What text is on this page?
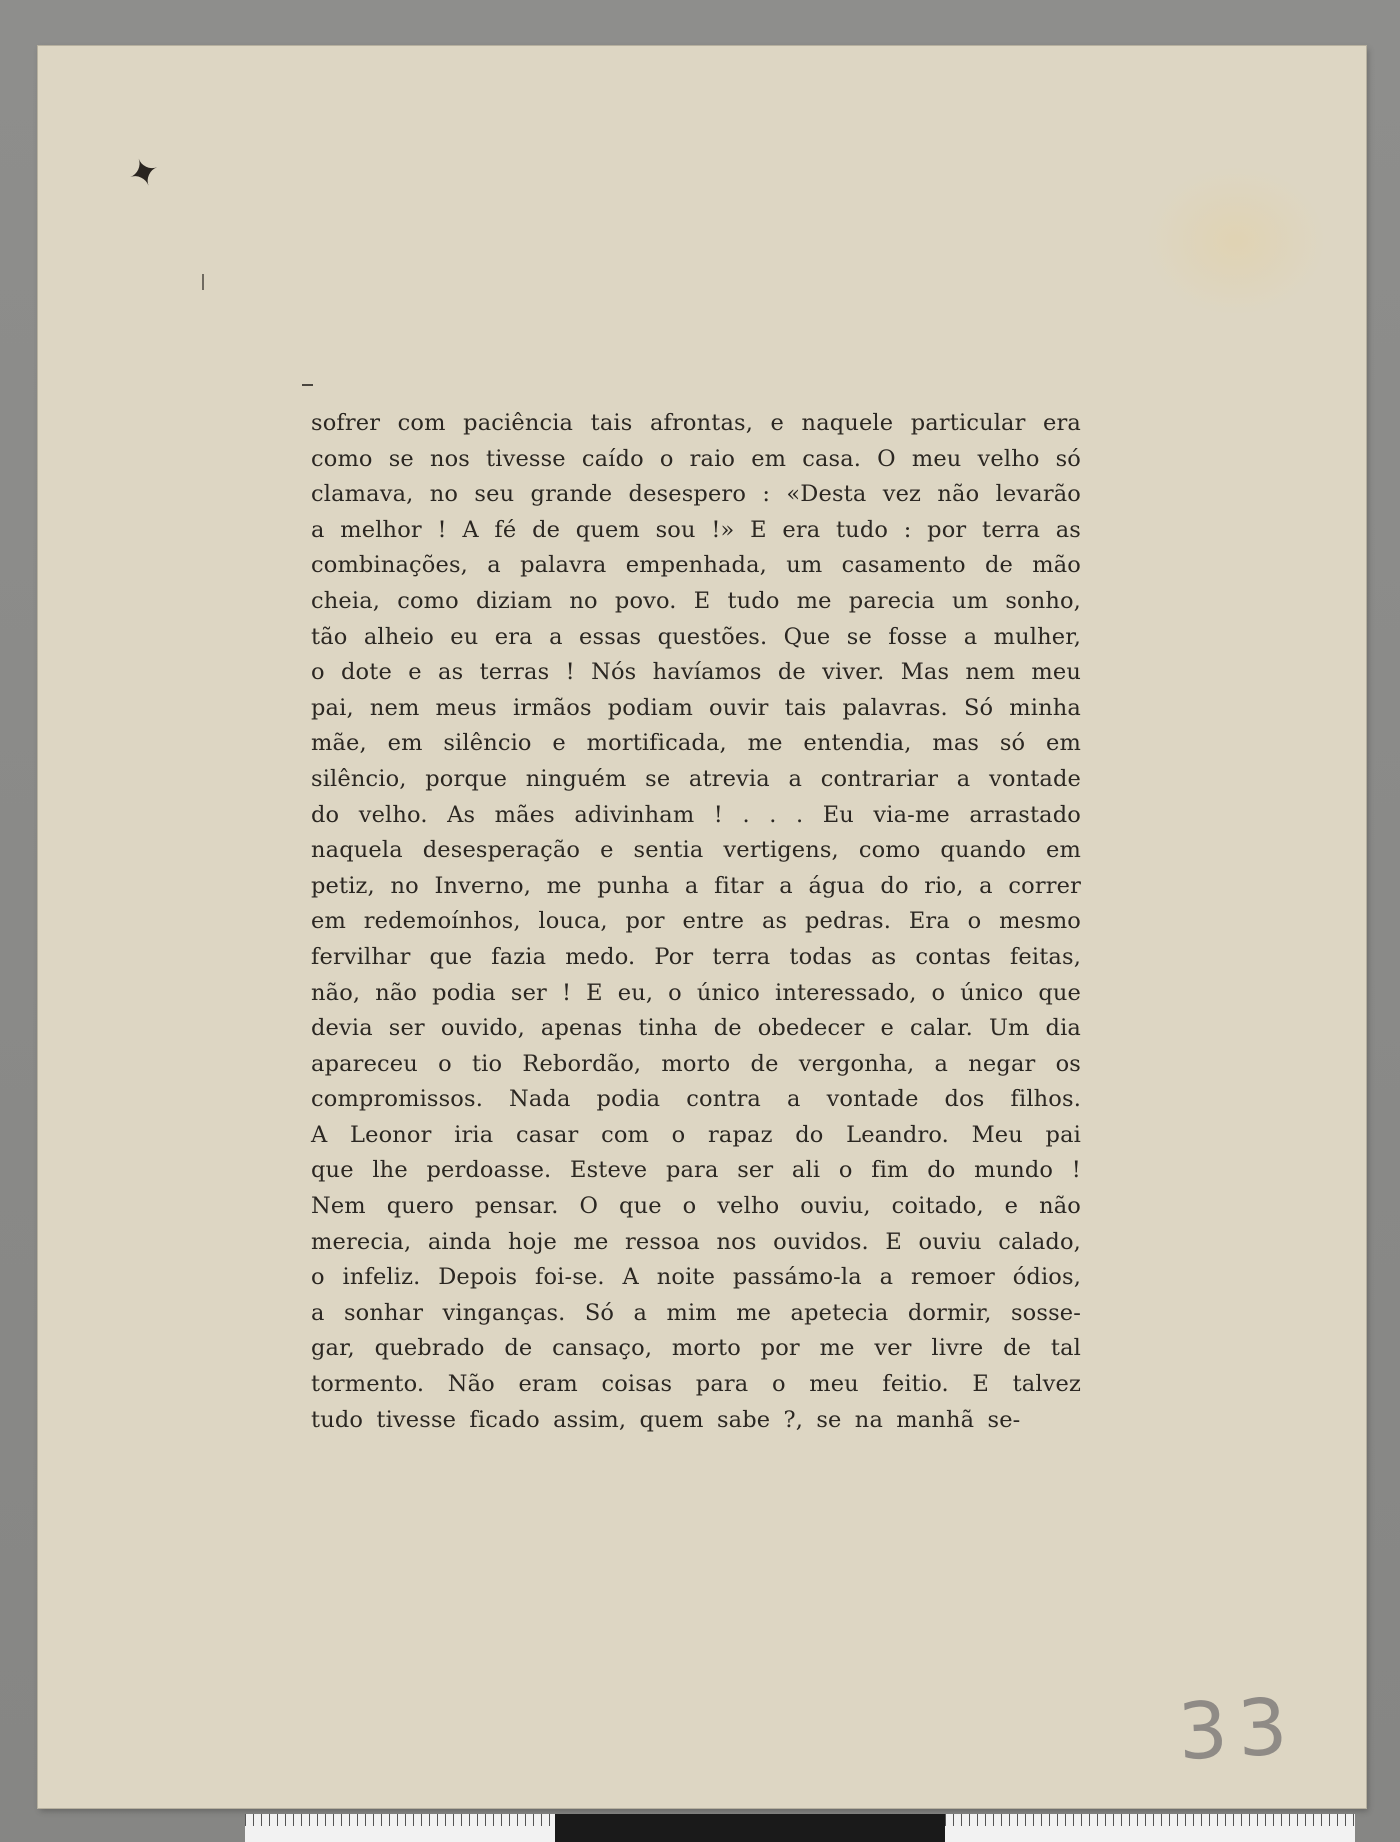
✦
sofrer com paciência tais afrontas, e naquele particular era
como se nos tivesse caído o raio em casa. O meu velho só
clamava, no seu grande desespero : «Desta vez não levarão
a melhor ! A fé de quem sou !» E era tudo : por terra as
combinações, a palavra empenhada, um casamento de mão
cheia, como diziam no povo. E tudo me parecia um sonho,
tão alheio eu era a essas questões. Que se fosse a mulher,
o dote e as terras ! Nós havíamos de viver. Mas nem meu
pai, nem meus irmãos podiam ouvir tais palavras. Só minha
mãe, em silêncio e mortificada, me entendia, mas só em
silêncio, porque ninguém se atrevia a contrariar a vontade
do velho. As mães adivinham ! . . . Eu via-me arrastado
naquela desesperação e sentia vertigens, como quando em
petiz, no Inverno, me punha a fitar a água do rio, a correr
em redemoínhos, louca, por entre as pedras. Era o mesmo
fervilhar que fazia medo. Por terra todas as contas feitas,
não, não podia ser ! E eu, o único interessado, o único que
devia ser ouvido, apenas tinha de obedecer e calar. Um dia
apareceu o tio Rebordão, morto de vergonha, a negar os
compromissos. Nada podia contra a vontade dos filhos.
A Leonor iria casar com o rapaz do Leandro. Meu pai
que lhe perdoasse. Esteve para ser ali o fim do mundo !
Nem quero pensar. O que o velho ouviu, coitado, e não
merecia, ainda hoje me ressoa nos ouvidos. E ouviu calado,
o infeliz. Depois foi-se. A noite passámo-la a remoer ódios,
a sonhar vinganças. Só a mim me apetecia dormir, sosse-
gar, quebrado de cansaço, morto por me ver livre de tal
tormento. Não eram coisas para o meu feitio. E talvez
tudo tivesse ficado assim, quem sabe ?, se na manhã se-
33
